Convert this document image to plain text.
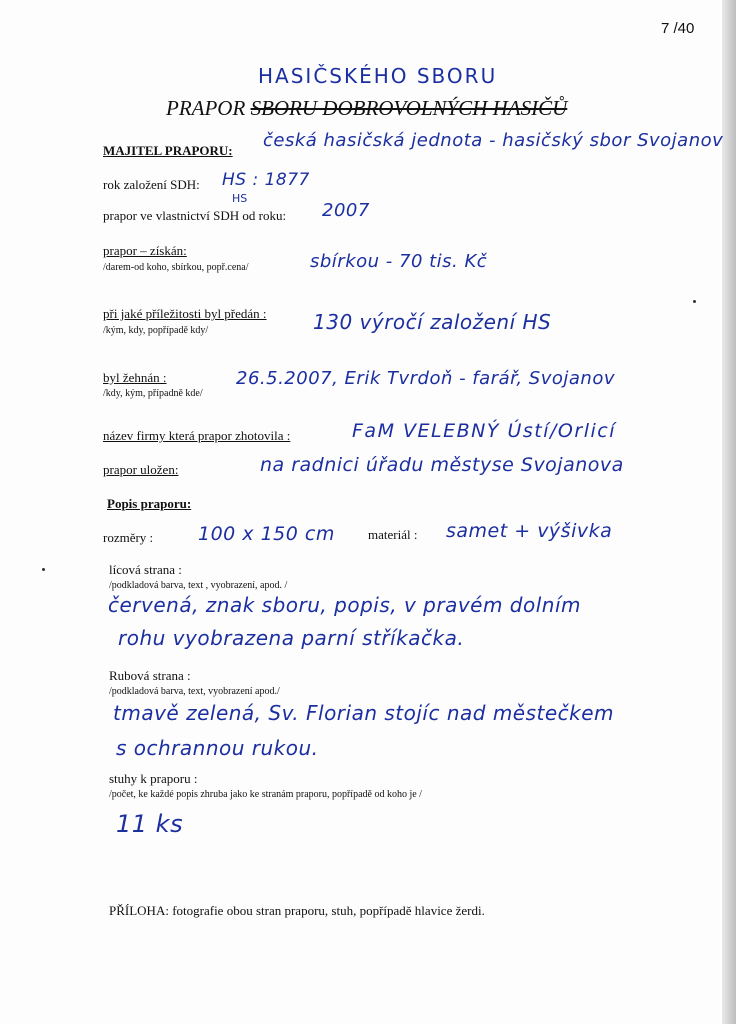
7 /40
HASIČSKÉHO SBORU
PRAPOR SBORU DOBROVOLNÝCH HASIČŮ
MAJITEL PRAPORU: česká hasičská jednota - hasičský sbor Svojanov
rok založení SDH: HS : 1877
HS
prapor ve vlastnictví SDH od roku: 2007
prapor – získán:
/darem-od koho, sbírkou, popř.cena/	sbírkou - 70 tis. Kč
při jaké příležitosti byl předán :
/kým, kdy, popřípadě kdy/	130 výročí založení HS
byl žehnán :
/kdy, kým, případně kde/
26.5.2007, Erik Tvrdoň - farář, Svojanov
název firmy která prapor zhotovila :	FaM VELEBNÝ Ústí/Orlicí
prapor uložen:	na radnici úřadu městyse Svojanova
Popis praporu:
rozměry : 100 x 150 cm	materiál : samet + výšivka
lícová strana :
/podkladová barva, text , vyobrazení, apod. /
červená, znak sboru, popis, v pravém dolním
rohu vyobrazena parní stříkačka.
Rubová strana :
/podkladová barva, text, vyobrazení apod./
tmavě zelená, Sv. Florian stojíc nad městečkem
s ochrannou rukou.
stuhy k praporu :
/počet, ke každé popis zhruba jako ke stranám praporu, popřípadě od koho je /
11 ks
PŘÍLOHA: fotografie obou stran praporu, stuh, popřípadě hlavice žerdi.
